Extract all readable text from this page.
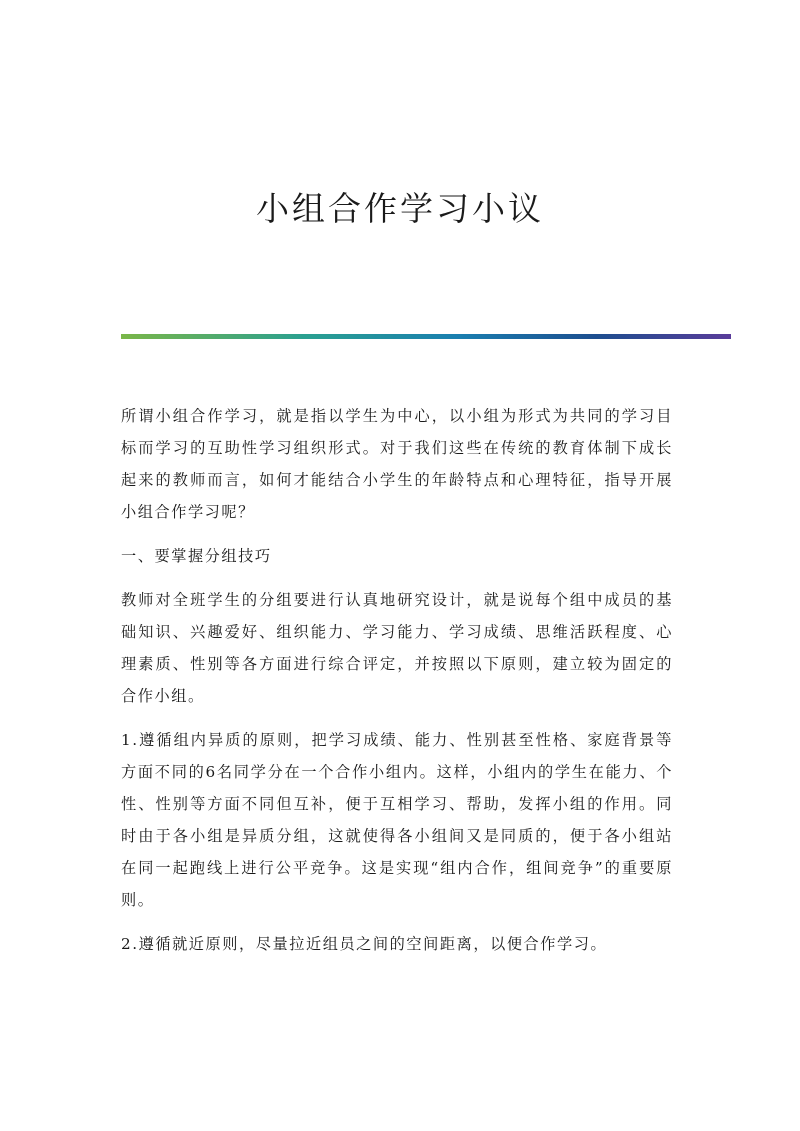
小组合作学习小议

所谓小组合作学习，就是指以学生为中心，以小组为形式为共同的学习目标而学习的互助性学习组织形式。对于我们这些在传统的教育体制下成长起来的教师而言，如何才能结合小学生的年龄特点和心理特征，指导开展小组合作学习呢？

一、要掌握分组技巧

教师对全班学生的分组要进行认真地研究设计，就是说每个组中成员的基础知识、兴趣爱好、组织能力、学习能力、学习成绩、思维活跃程度、心理素质、性别等各方面进行综合评定，并按照以下原则，建立较为固定的合作小组。

1.遵循组内异质的原则，把学习成绩、能力、性别甚至性格、家庭背景等方面不同的6名同学分在一个合作小组内。这样，小组内的学生在能力、个性、性别等方面不同但互补，便于互相学习、帮助，发挥小组的作用。同时由于各小组是异质分组，这就使得各小组间又是同质的，便于各小组站在同一起跑线上进行公平竞争。这是实现“组内合作，组间竞争”的重要原则。

2.遵循就近原则，尽量拉近组员之间的空间距离，以便合作学习。
